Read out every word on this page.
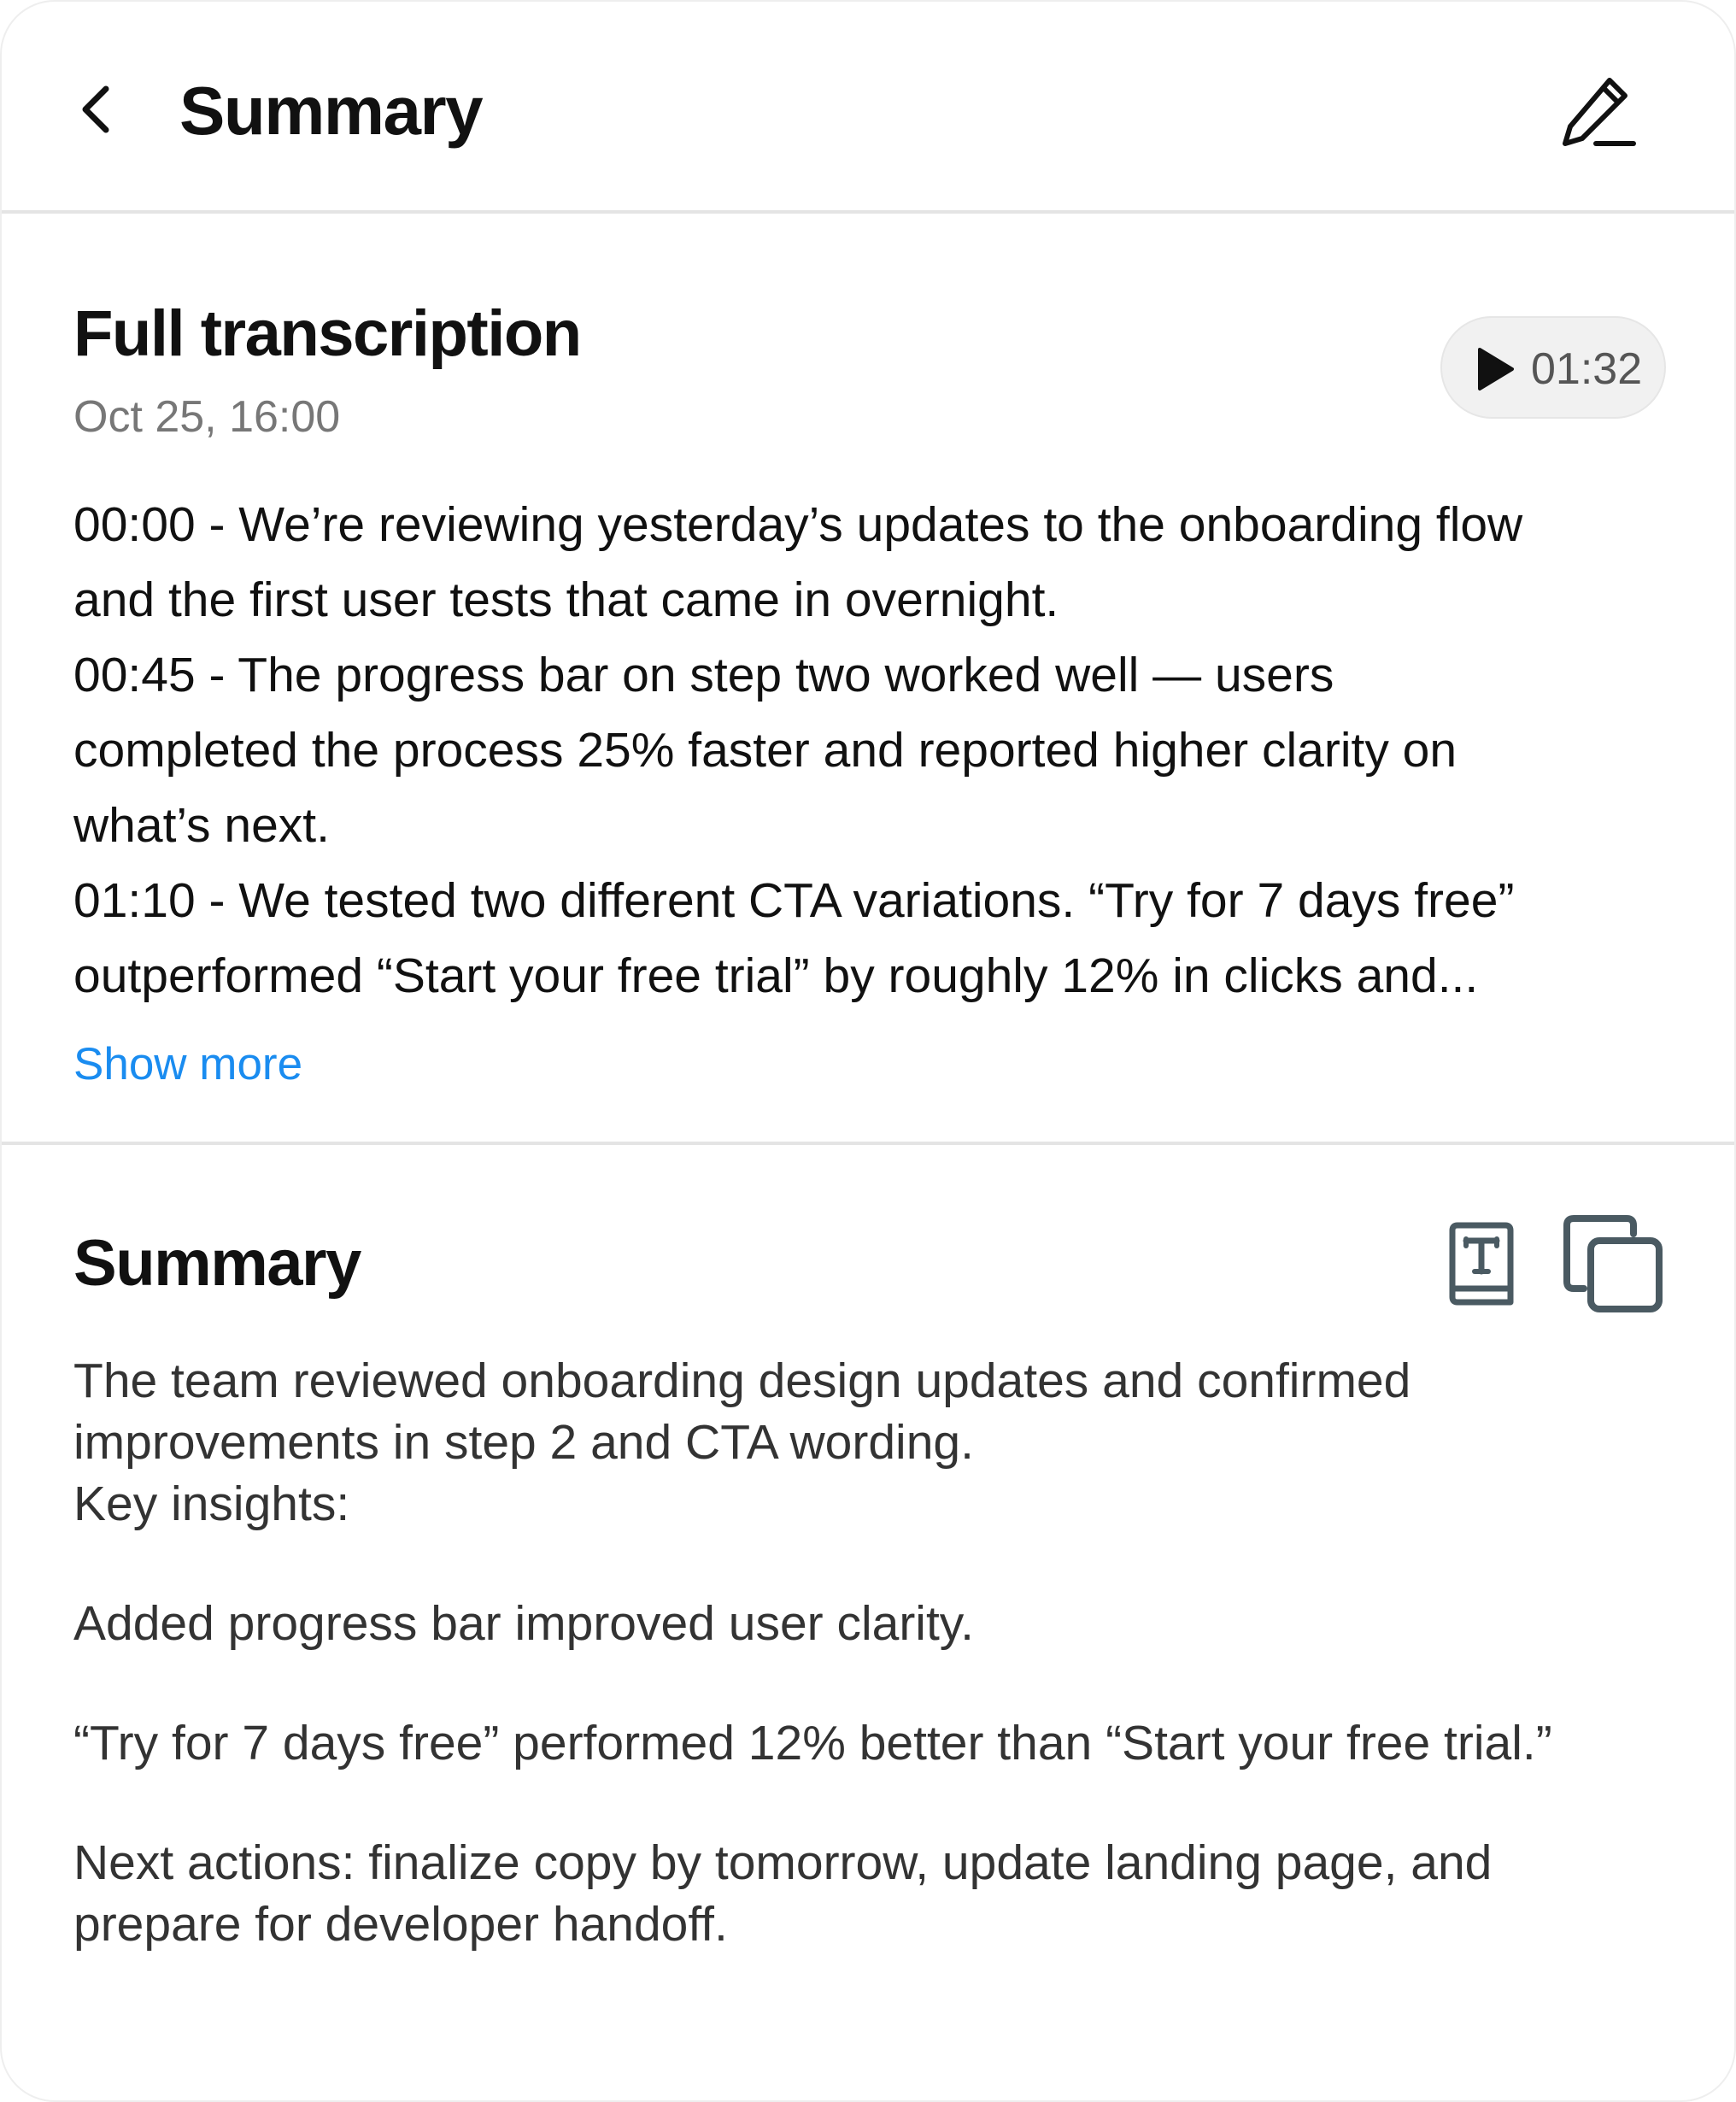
Summary
Full transcription
Oct 25, 16:00
01:32
00:00 - We’re reviewing yesterday’s updates to the onboarding flow
and the first user tests that came in overnight.
00:45 - The progress bar on step two worked well — users
completed the process 25% faster and reported higher clarity on
what’s next.
01:10 - We tested two different CTA variations. “Try for 7 days free”
outperformed “Start your free trial” by roughly 12% in clicks and...
Show more
Summary
The team reviewed onboarding design updates and confirmed
improvements in step 2 and CTA wording.
Key insights:
Added progress bar improved user clarity.
“Try for 7 days free” performed 12% better than “Start your free trial.”
Next actions: finalize copy by tomorrow, update landing page, and
prepare for developer handoff.
